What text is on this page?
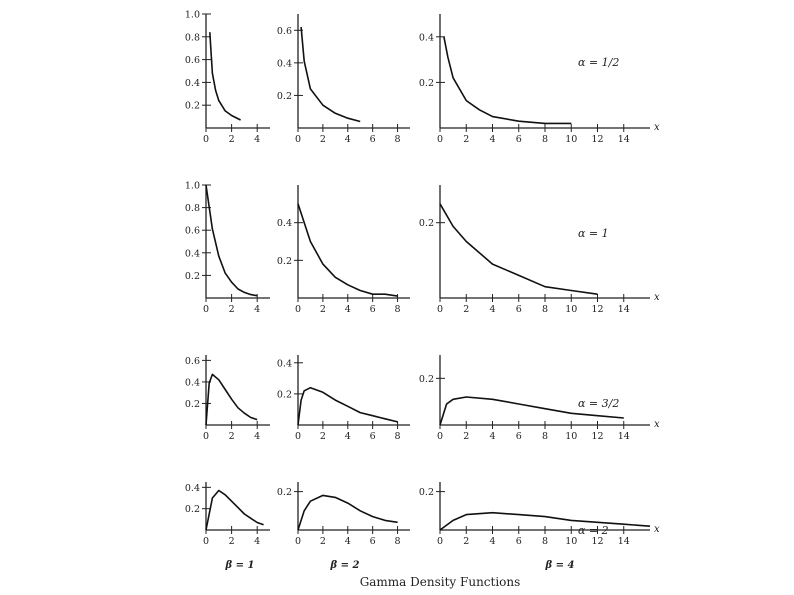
0 2 4
0.2
0.4
0.6
0.8
1.0
0 2 4 6 8
0.2
0.4
0.6
0 2 4 6 8 10 12 14
0.2
0.4
x
0 2 4
0.2
0.4
0.6
0.8
1.0
0 2 4 6 8
0.2
0.4
0 2 4 6 8 10 12 14
0.2
x
0 2 4
0.2
0.4
0.6
0 2 4 6 8
0.2
0.4
0 2 4 6 8 10 12 14
0.2
x
0 2 4
0.2
0.4
0 2 4 6 8
0.2
0 2 4 6 8 10 12 14
0.2
x
α = 1/2
α = 1
α = 3/2
α = 2
β = 1	β = 2	β = 4
Gamma Density Functions
